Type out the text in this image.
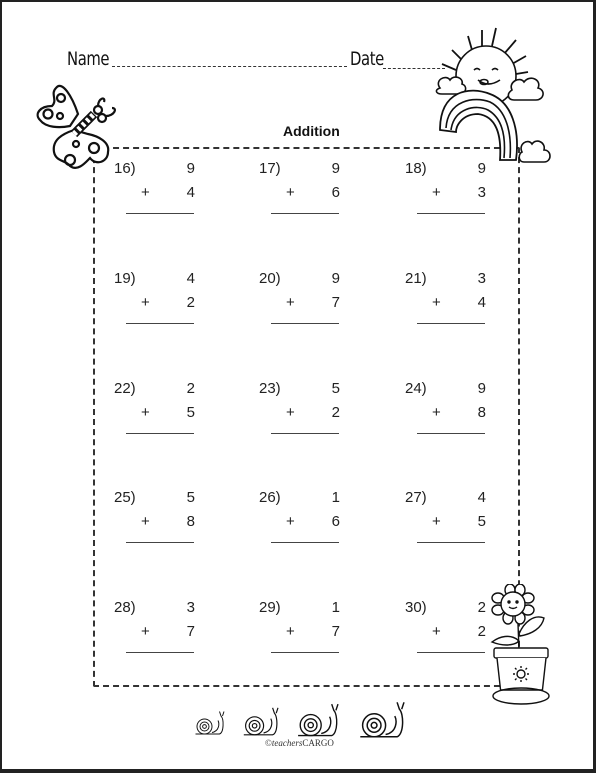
Name	Date
Addition
16)	9
+ 4
17)	9
+ 6
18)	9
+ 3
19)	4
+ 2
20)	9
+ 7
21)	3
+ 4
22)	2
+ 5
23)	5
+ 2
24)	9
+ 8
25)	5
+ 8
26)	1
+ 6
27)	4
+ 5
28)	3
+ 7
29)	1
+ 7
30)	2
+ 2
©teachersCARGO
